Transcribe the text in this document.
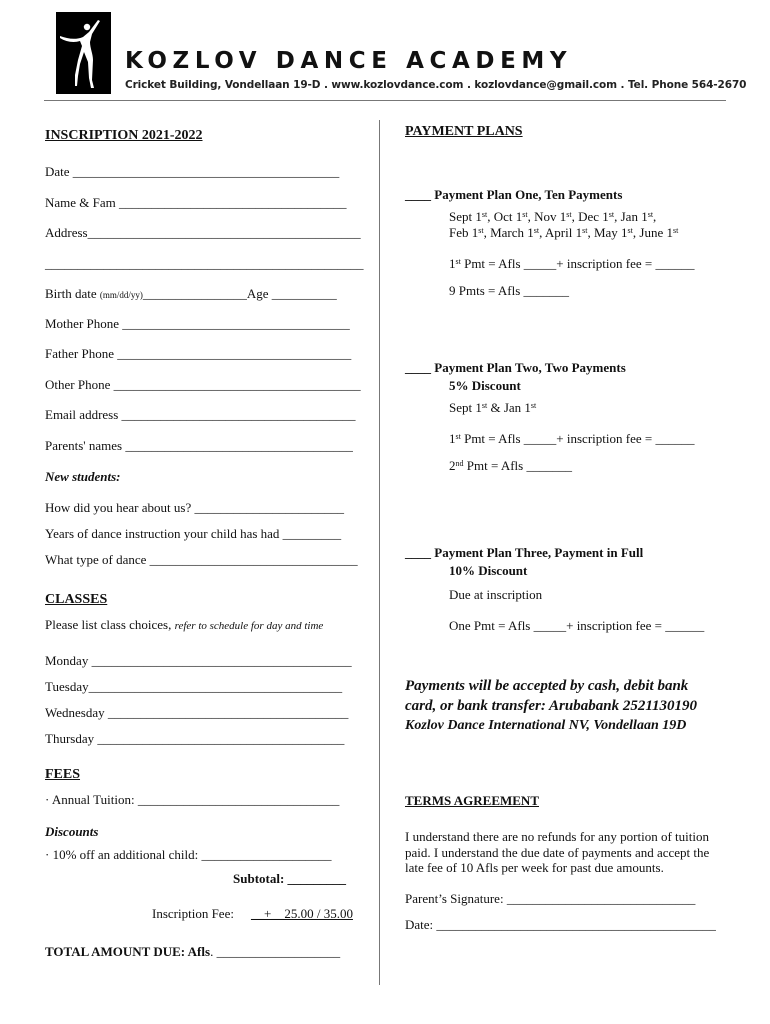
KOZLOV DANCE ACADEMY
Cricket Building, Vondellaan 19-D . www.kozlovdance.com . kozlovdance@gmail.com . Tel. Phone 564-2670
INSCRIPTION 2021-2022
Date _________________________________________
Name & Fam ___________________________________
Address__________________________________________
_________________________________________________
Birth date (mm/dd/yy)________________Age __________
Mother Phone ___________________________________
Father Phone ____________________________________
Other Phone ______________________________________
Email address ____________________________________
Parents' names ___________________________________
New students:
How did you hear about us? _______________________
Years of dance instruction your child has had _________
What type of dance ________________________________
CLASSES
Please list class choices, refer to schedule for day and time
Monday ________________________________________
Tuesday_______________________________________
Wednesday _____________________________________
Thursday ______________________________________
FEES
· Annual Tuition: _______________________________
Discounts
· 10% off an additional child: ____________________
Subtotal: _________
Inscription Fee: __+__25.00 / 35.00
TOTAL AMOUNT DUE: Afls. ___________________
PAYMENT PLANS
____ Payment Plan One, Ten Payments
Sept 1st, Oct 1st, Nov 1st, Dec 1st, Jan 1st,
Feb 1st, March 1st, April 1st, May 1st, June 1st
1st Pmt = Afls _____+ inscription fee = ______
9 Pmts = Afls _______
____ Payment Plan Two, Two Payments
5% Discount
Sept 1st & Jan 1st
1st Pmt = Afls _____+ inscription fee = ______
2nd Pmt = Afls _______
____ Payment Plan Three, Payment in Full
10% Discount
Due at inscription
One Pmt = Afls _____+ inscription fee = ______
Payments will be accepted by cash, debit bank
card, or bank transfer: Arubabank 2521130190
Kozlov Dance International NV, Vondellaan 19D
TERMS AGREEMENT
I understand there are no refunds for any portion of tuition
paid. I understand the due date of payments and accept the
late fee of 10 Afls per week for past due amounts.
Parent’s Signature: _____________________________
Date: ___________________________________________
